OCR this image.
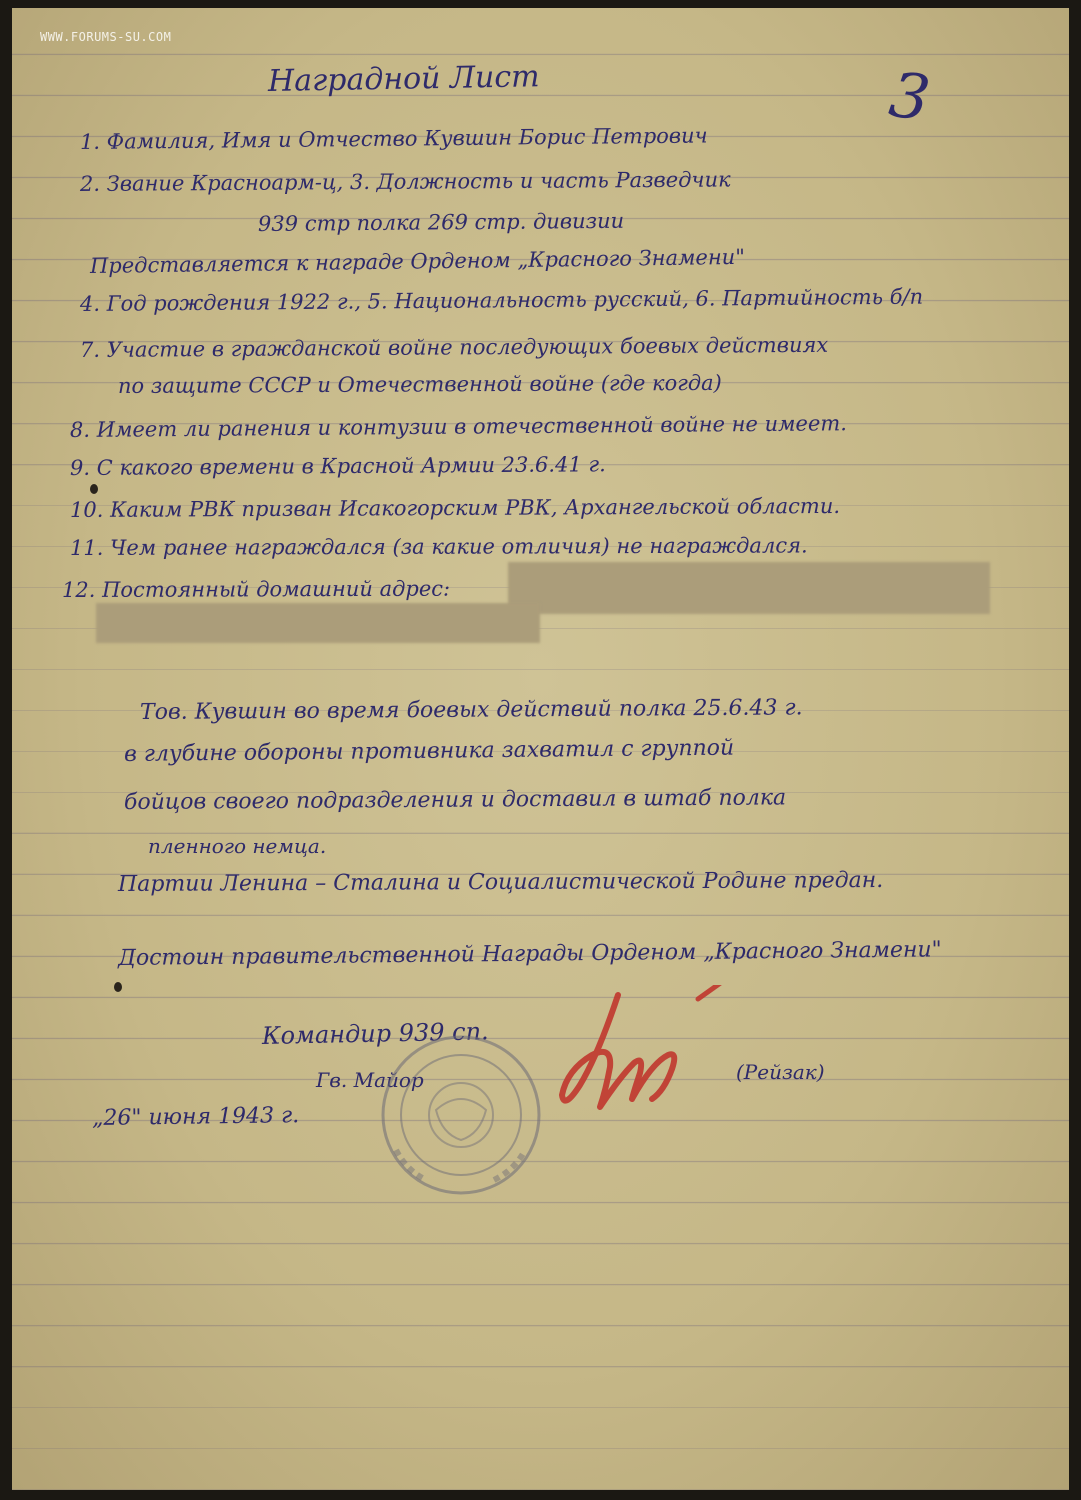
WWW.FORUMS-SU.COM
Наградной Лист	3
1. Фамилия, Имя и Отчество Кувшин Борис Петрович
2. Звание Красноарм-ц, 3. Должность и часть Разведчик
939 стр полка 269 стр. дивизии
Представляется к награде Орденом „Красного Знамени"
4. Год рождения 1922 г., 5. Национальность русский, 6. Партийность б/п
7. Участие в гражданской войне последующих боевых действиях
по защите СССР и Отечественной войне (где когда)
8. Имеет ли ранения и контузии в отечественной войне не имеет.
9. С какого времени в Красной Армии 23.6.41 г.
10. Каким РВК призван Исакогорским РВК, Архангельской области.
11. Чем ранее награждался (за какие отличия) не награждался.
12. Постоянный домашний адрес:
Тов. Кувшин во время боевых действий полка 25.6.43 г.
в глубине обороны противника захватил с группой
бойцов своего подразделения и доставил в штаб полка
пленного немца.
Партии Ленина – Сталина и Социалистической Родине предан.
Достоин правительственной Награды Орденом „Красного Знамени"
Командир 939 сп.
Гв. Майор	(Рейзак)
„26" июня 1943 г.
